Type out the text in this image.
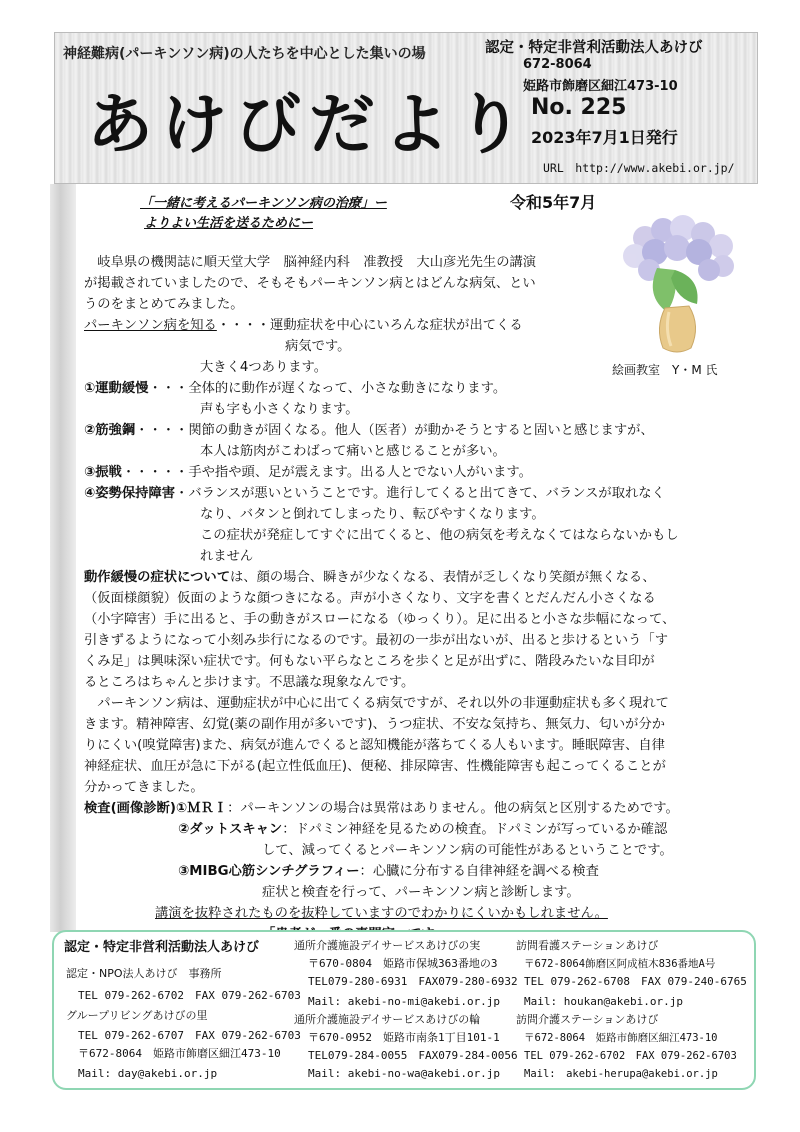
神経難病(パーキンソン病)の人たちを中心とした集いの場
あけびだより
認定・特定非営利活動法人あけび
672-8064
姫路市飾磨区細江473-10
No. 225
2023年7月1日発行
URL　http://www.akebi.or.jp/
「一緒に考えるパーキンソン病の治療」ー
よりよい生活を送るためにー
令和5年7月
絵画教室　Y・M 氏
　岐阜県の機関誌に順天堂大学　脳神経内科　准教授　大山彦光先生の講演
が掲載されていましたので、そもそもパーキンソン病とはどんな病気、とい
うのをまとめてみました。
パーキンソン病を知る・・・・運動症状を中心にいろんな症状が出てくる
病気です。
大きく4つあります。
①運動緩慢・・・全体的に動作が遅くなって、小さな動きになります。
声も字も小さくなります。
②筋強鋼・・・・関節の動きが固くなる。他人（医者）が動かそうとすると固いと感じますが、
本人は筋肉がこわばって痛いと感じることが多い。
③振戦・・・・・手や指や頭、足が震えます。出る人とでない人がいます。
④姿勢保持障害・バランスが悪いということです。進行してくると出てきて、バランスが取れなく
なり、バタンと倒れてしまったり、転びやすくなります。
この症状が発症してすぐに出てくると、他の病気を考えなくてはならないかもし
れません
動作緩慢の症状については、顔の場合、瞬きが少なくなる、表情が乏しくなり笑顔が無くなる、
（仮面様顔貌）仮面のような顔つきになる。声が小さくなり、文字を書くとだんだん小さくなる
（小字障害）手に出ると、手の動きがスローになる（ゆっくり）。足に出ると小さな歩幅になって、
引きずるようになって小刻み歩行になるのです。最初の一歩が出ないが、出ると歩けるという「す
くみ足」は興味深い症状です。何もない平らなところを歩くと足が出ずに、階段みたいな目印が
るところはちゃんと歩けます。不思議な現象なんです。
　パーキンソン病は、運動症状が中心に出てくる病気ですが、それ以外の非運動症状も多く現れて
きます。精神障害、幻覚(薬の副作用が多いです)、うつ症状、不安な気持ち、無気力、匂いが分か
りにくい(嗅覚障害)また、病気が進んでくると認知機能が落ちてくる人もいます。睡眠障害、自律
神経症状、血圧が急に下がる(起立性低血圧)、便秘、排尿障害、性機能障害も起こってくることが
分かってきました。
検査(画像診断)①ＭＲＩ：パーキンソンの場合は異常はありません。他の病気と区別するためです。
②ダットスキャン：ドパミン神経を見るための検査。ドパミンが写っているか確認
して、減ってくるとパーキンソン病の可能性があるということです。
③MIBG心筋シンチグラフィー：心臓に分布する自律神経を調べる検査
症状と検査を行って、パーキンソン病と診断します。
講演を抜粋されたものを抜粋していますのでわかりにくいかもしれません。
認定・特定非営利活動法人あけび
認定・NPO法人あけび　事務所
TEL 079-262-6702　FAX 079-262-6703
グループリビングあけびの里
TEL 079-262-6707　FAX 079-262-6703
〒672-8064　姫路市飾磨区細江473-10
Mail: day@akebi.or.jp
通所介護施設デイサービスあけびの実
〒670-0804　姫路市保城363番地の3
TEL079-280-6931　FAX079-280-6932
Mail: akebi-no-mi@akebi.or.jp
通所介護施設デイサービスあけびの輪
〒670-0952　姫路市南条1丁目101-1
TEL079-284-0055　FAX079-284-0056
Mail: akebi-no-wa@akebi.or.jp
訪問看護ステーションあけび
〒672-8064飾磨区阿成植木836番地A号
TEL 079-262-6708　FAX 079-240-6765
Mail: houkan@akebi.or.jp
訪問介護ステーションあけび
〒672-8064　姫路市飾磨区細江473-10
TEL 079-262-6702　FAX 079-262-6703
Mail:　akebi-herupa@akebi.or.jp
